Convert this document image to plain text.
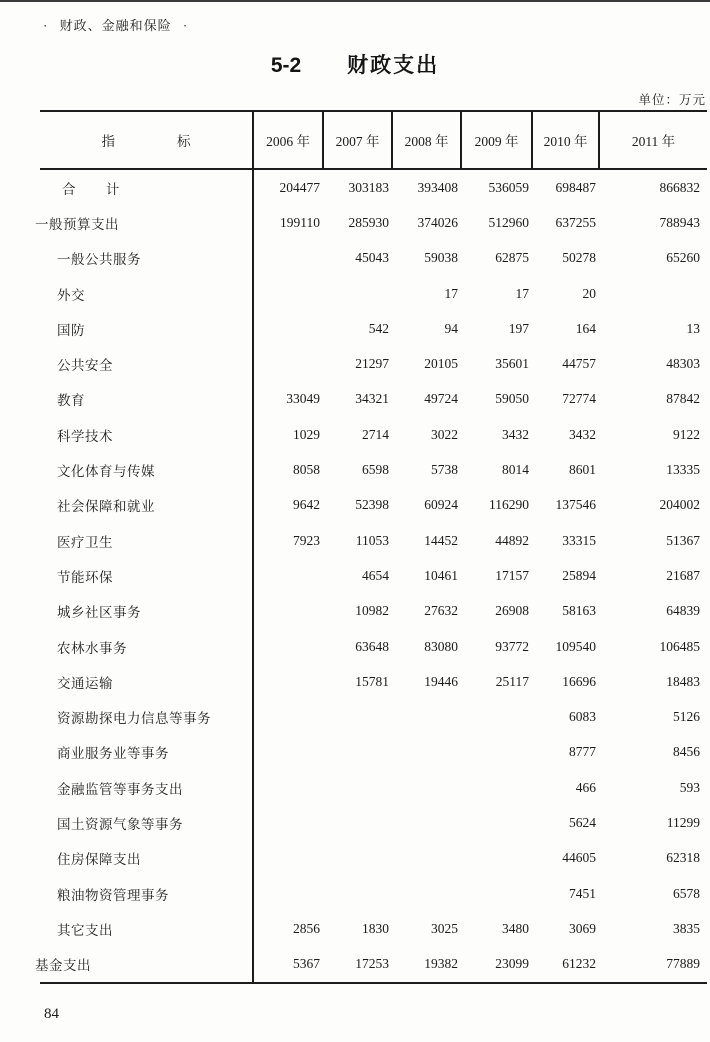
· 财政、金融和保险 ·
5-2 财政支出
单位：万元
指 标	2006 年	2007 年	2008 年	2009 年	2010 年	2011 年
合 计	204477	303183	393408	536059	698487	866832
一般预算支出	199110	285930	374026	512960	637255	788943
一般公共服务		45043	59038	62875	50278	65260
外交			17	17	20	
国防		542	94	197	164	13
公共安全		21297	20105	35601	44757	48303
教育	33049	34321	49724	59050	72774	87842
科学技术	1029	2714	3022	3432	3432	9122
文化体育与传媒	8058	6598	5738	8014	8601	13335
社会保障和就业	9642	52398	60924	116290	137546	204002
医疗卫生	7923	11053	14452	44892	33315	51367
节能环保		4654	10461	17157	25894	21687
城乡社区事务		10982	27632	26908	58163	64839
农林水事务		63648	83080	93772	109540	106485
交通运输		15781	19446	25117	16696	18483
资源勘探电力信息等事务					6083	5126
商业服务业等事务					8777	8456
金融监管等事务支出					466	593
国土资源气象等事务					5624	11299
住房保障支出					44605	62318
粮油物资管理事务					7451	6578
其它支出	2856	1830	3025	3480	3069	3835
基金支出	5367	17253	19382	23099	61232	77889
84
